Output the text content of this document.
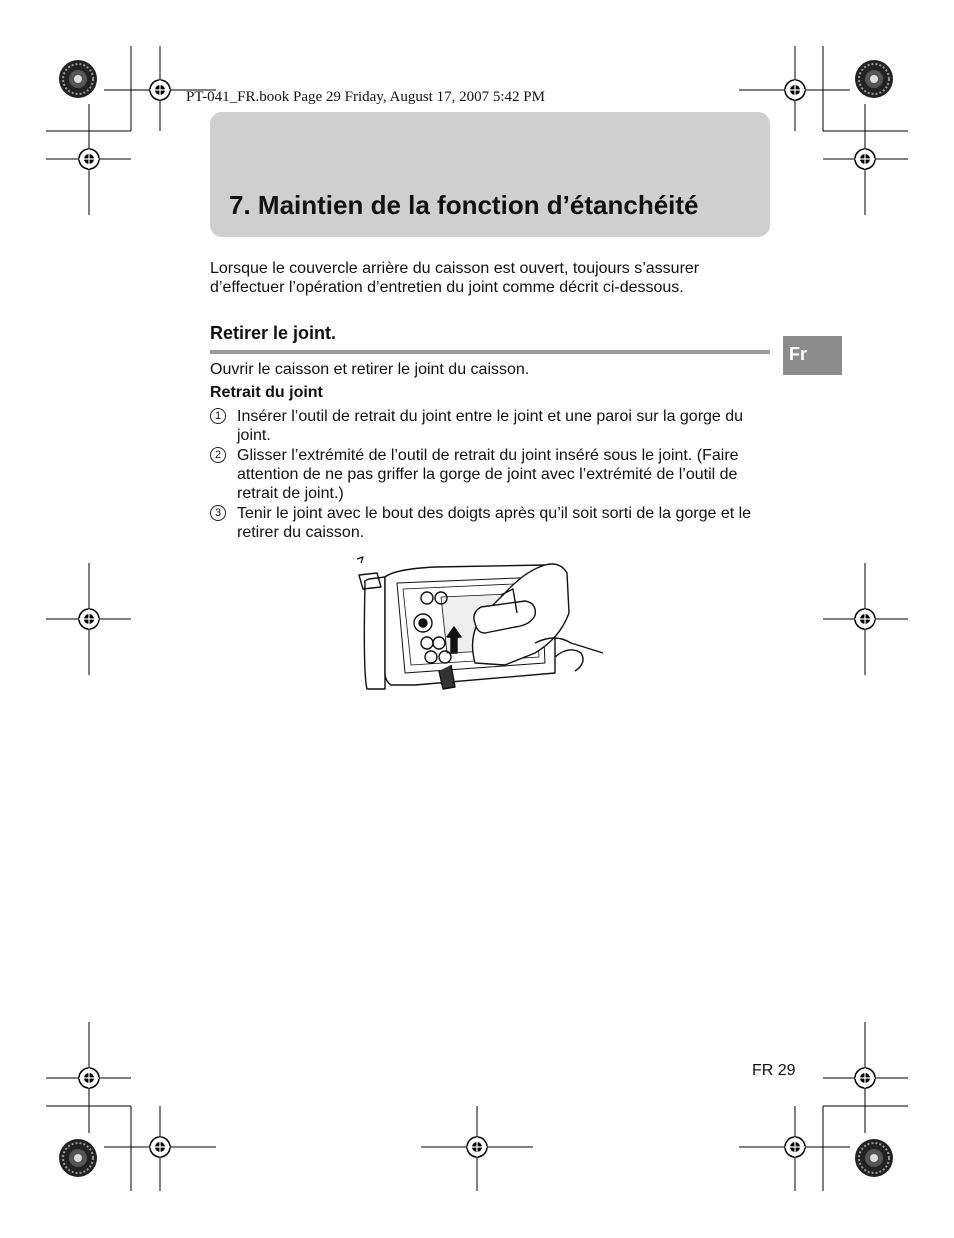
PT-041_FR.book Page 29 Friday, August 17, 2007 5:42 PM
7. Maintien de la fonction d’étanchéité
Lorsque le couvercle arrière du caisson est ouvert, toujours s’assurer d’effectuer l’opération d’entretien du joint comme décrit ci-dessous.
Retirer le joint.
Fr
Ouvrir le caisson et retirer le joint du caisson.
Retrait du joint
1 Insérer l’outil de retrait du joint entre le joint et une paroi sur la gorge du joint.
2 Glisser l’extrémité de l’outil de retrait du joint inséré sous le joint. (Faire attention de ne pas griffer la gorge de joint avec l’extrémité de l’outil de retrait de joint.)
3 Tenir le joint avec le bout des doigts après qu’il soit sorti de la gorge et le retirer du caisson.
FR 29
